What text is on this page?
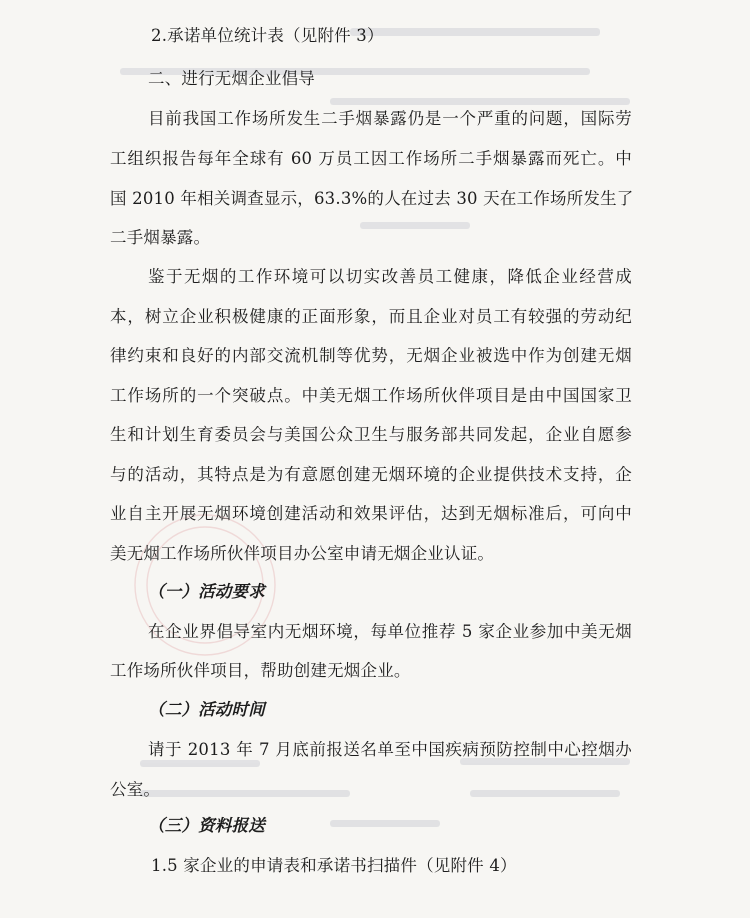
2.承诺单位统计表（见附件 3）
二、进行无烟企业倡导
目前我国工作场所发生二手烟暴露仍是一个严重的问题，国际劳
工组织报告每年全球有 60 万员工因工作场所二手烟暴露而死亡。中
国 2010 年相关调查显示，63.3%的人在过去 30 天在工作场所发生了
二手烟暴露。
鉴于无烟的工作环境可以切实改善员工健康，降低企业经营成
本，树立企业积极健康的正面形象，而且企业对员工有较强的劳动纪
律约束和良好的内部交流机制等优势，无烟企业被选中作为创建无烟
工作场所的一个突破点。中美无烟工作场所伙伴项目是由中国国家卫
生和计划生育委员会与美国公众卫生与服务部共同发起，企业自愿参
与的活动，其特点是为有意愿创建无烟环境的企业提供技术支持，企
业自主开展无烟环境创建活动和效果评估，达到无烟标准后，可向中
美无烟工作场所伙伴项目办公室申请无烟企业认证。
（一）活动要求
在企业界倡导室内无烟环境，每单位推荐 5 家企业参加中美无烟
工作场所伙伴项目，帮助创建无烟企业。
（二）活动时间
请于 2013 年 7 月底前报送名单至中国疾病预防控制中心控烟办
公室。
（三）资料报送
1.5 家企业的申请表和承诺书扫描件（见附件 4）
